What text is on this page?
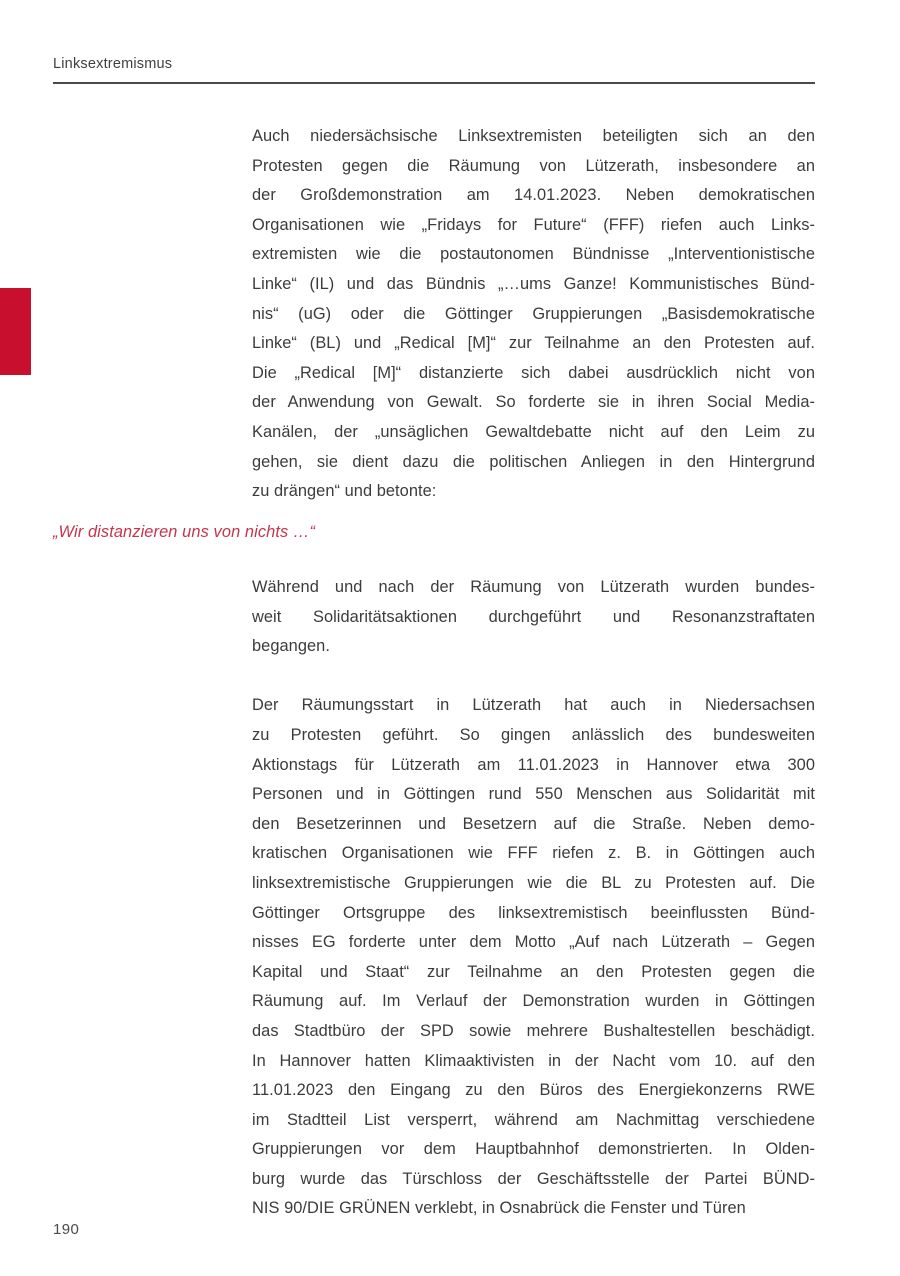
Linksextremismus

Auch niedersächsische Linksextremisten beteiligten sich an den
Protesten gegen die Räumung von Lützerath, insbesondere an
der Großdemonstration am 14.01.2023. Neben demokratischen
Organisationen wie „Fridays for Future“ (FFF) riefen auch Links-
extremisten wie die postautonomen Bündnisse „Interventionistische
Linke“ (IL) und das Bündnis „…ums Ganze! Kommunistisches Bünd-
nis“ (uG) oder die Göttinger Gruppierungen „Basisdemokratische
Linke“ (BL) und „Redical [M]“ zur Teilnahme an den Protesten auf.
Die „Redical [M]“ distanzierte sich dabei ausdrücklich nicht von
der Anwendung von Gewalt. So forderte sie in ihren Social Media-
Kanälen, der „unsäglichen Gewaltdebatte nicht auf den Leim zu
gehen, sie dient dazu die politischen Anliegen in den Hintergrund
zu drängen“ und betonte:

„Wir distanzieren uns von nichts …“

Während und nach der Räumung von Lützerath wurden bundes-
weit Solidaritätsaktionen durchgeführt und Resonanzstraftaten
begangen.

Der Räumungsstart in Lützerath hat auch in Niedersachsen
zu Protesten geführt. So gingen anlässlich des bundesweiten
Aktionstags für Lützerath am 11.01.2023 in Hannover etwa 300
Personen und in Göttingen rund 550 Menschen aus Solidarität mit
den Besetzerinnen und Besetzern auf die Straße. Neben demo-
kratischen Organisationen wie FFF riefen z. B. in Göttingen auch
linksextremistische Gruppierungen wie die BL zu Protesten auf. Die
Göttinger Ortsgruppe des linksextremistisch beeinflussten Bünd-
nisses EG forderte unter dem Motto „Auf nach Lützerath – Gegen
Kapital und Staat“ zur Teilnahme an den Protesten gegen die
Räumung auf. Im Verlauf der Demonstration wurden in Göttingen
das Stadtbüro der SPD sowie mehrere Bushaltestellen beschädigt.
In Hannover hatten Klimaaktivisten in der Nacht vom 10. auf den
11.01.2023 den Eingang zu den Büros des Energiekonzerns RWE
im Stadtteil List versperrt, während am Nachmittag verschiedene
Gruppierungen vor dem Hauptbahnhof demonstrierten. In Olden-
burg wurde das Türschloss der Geschäftsstelle der Partei BÜND-
NIS 90/DIE GRÜNEN verklebt, in Osnabrück die Fenster und Türen

190
